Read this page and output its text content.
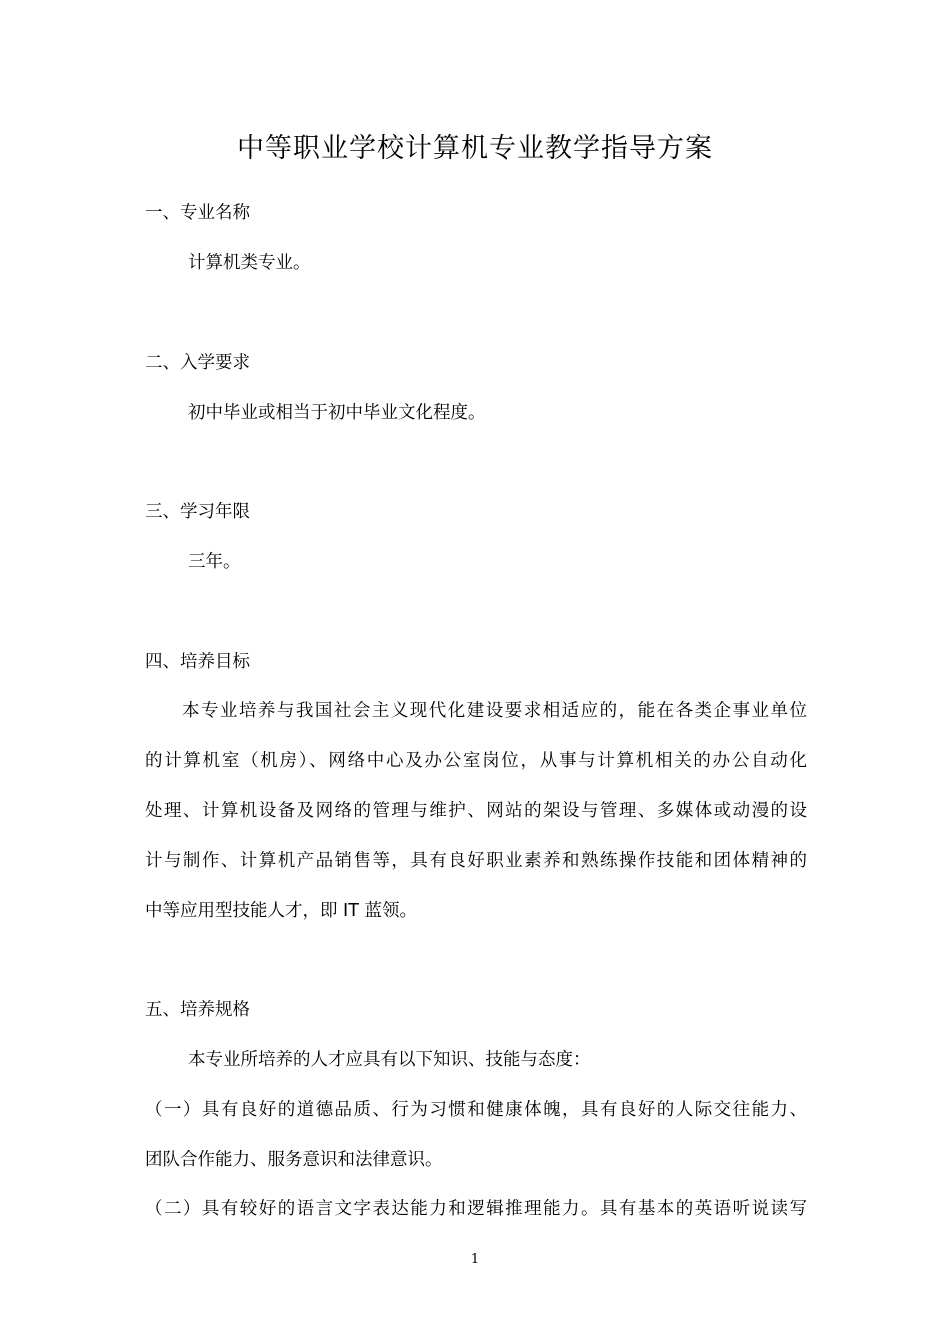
中等职业学校计算机专业教学指导方案

一、专业名称

计算机类专业。

二、入学要求

初中毕业或相当于初中毕业文化程度。

三、学习年限

三年。

四、培养目标

本专业培养与我国社会主义现代化建设要求相适应的，能在各类企事业单位

的计算机室（机房）、网络中心及办公室岗位，从事与计算机相关的办公自动化

处理、计算机设备及网络的管理与维护、网站的架设与管理、多媒体或动漫的设

计与制作、计算机产品销售等，具有良好职业素养和熟练操作技能和团体精神的

中等应用型技能人才，即 IT 蓝领。

五、培养规格

本专业所培养的人才应具有以下知识、技能与态度：

（一）具有良好的道德品质、行为习惯和健康体魄，具有良好的人际交往能力、

团队合作能力、服务意识和法律意识。

（二）具有较好的语言文字表达能力和逻辑推理能力。具有基本的英语听说读写

1
